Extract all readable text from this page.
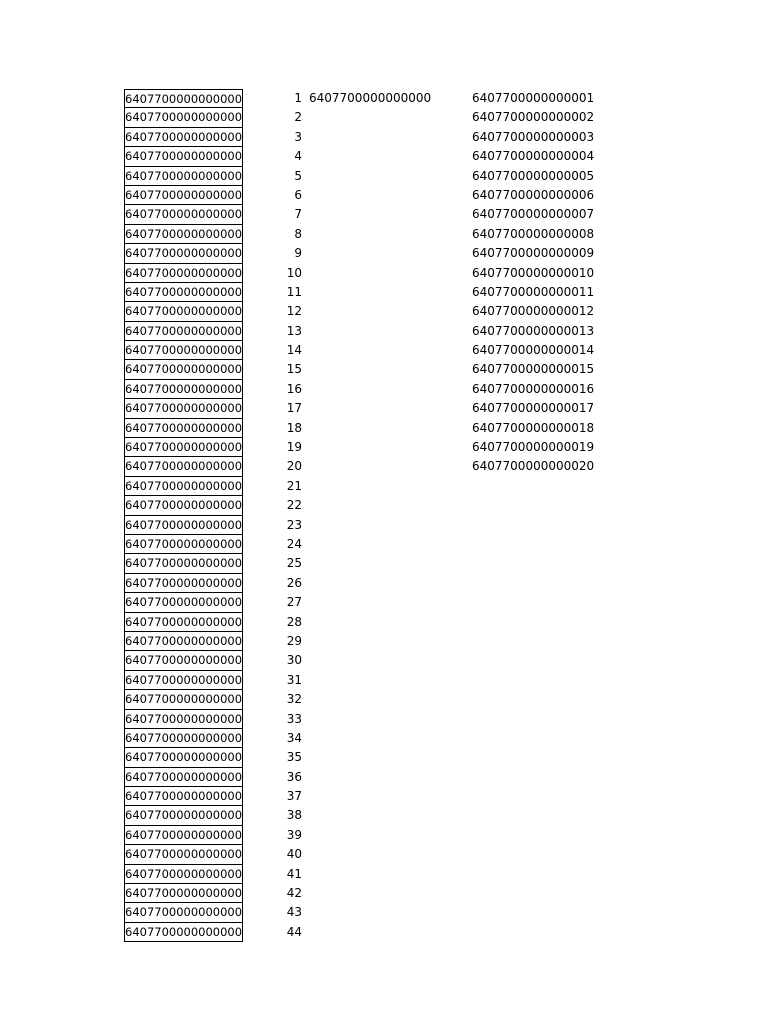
6407700000000000
6407700000000000
6407700000000000
6407700000000000
6407700000000000
6407700000000000
6407700000000000
6407700000000000
6407700000000000
6407700000000000
6407700000000000
6407700000000000
6407700000000000
6407700000000000
6407700000000000
6407700000000000
6407700000000000
6407700000000000
6407700000000000
6407700000000000
6407700000000000
6407700000000000
6407700000000000
6407700000000000
6407700000000000
6407700000000000
6407700000000000
6407700000000000
6407700000000000
6407700000000000
6407700000000000
6407700000000000
6407700000000000
6407700000000000
6407700000000000
6407700000000000
6407700000000000
6407700000000000
6407700000000000
6407700000000000
6407700000000000
6407700000000000
6407700000000000
6407700000000000
1
2
3
4
5
6
7
8
9
10
11
12
13
14
15
16
17
18
19
20
21
22
23
24
25
26
27
28
29
30
31
32
33
34
35
36
37
38
39
40
41
42
43
44
6407700000000000	6407700000000001
6407700000000002
6407700000000003
6407700000000004
6407700000000005
6407700000000006
6407700000000007
6407700000000008
6407700000000009
6407700000000010
6407700000000011
6407700000000012
6407700000000013
6407700000000014
6407700000000015
6407700000000016
6407700000000017
6407700000000018
6407700000000019
6407700000000020
